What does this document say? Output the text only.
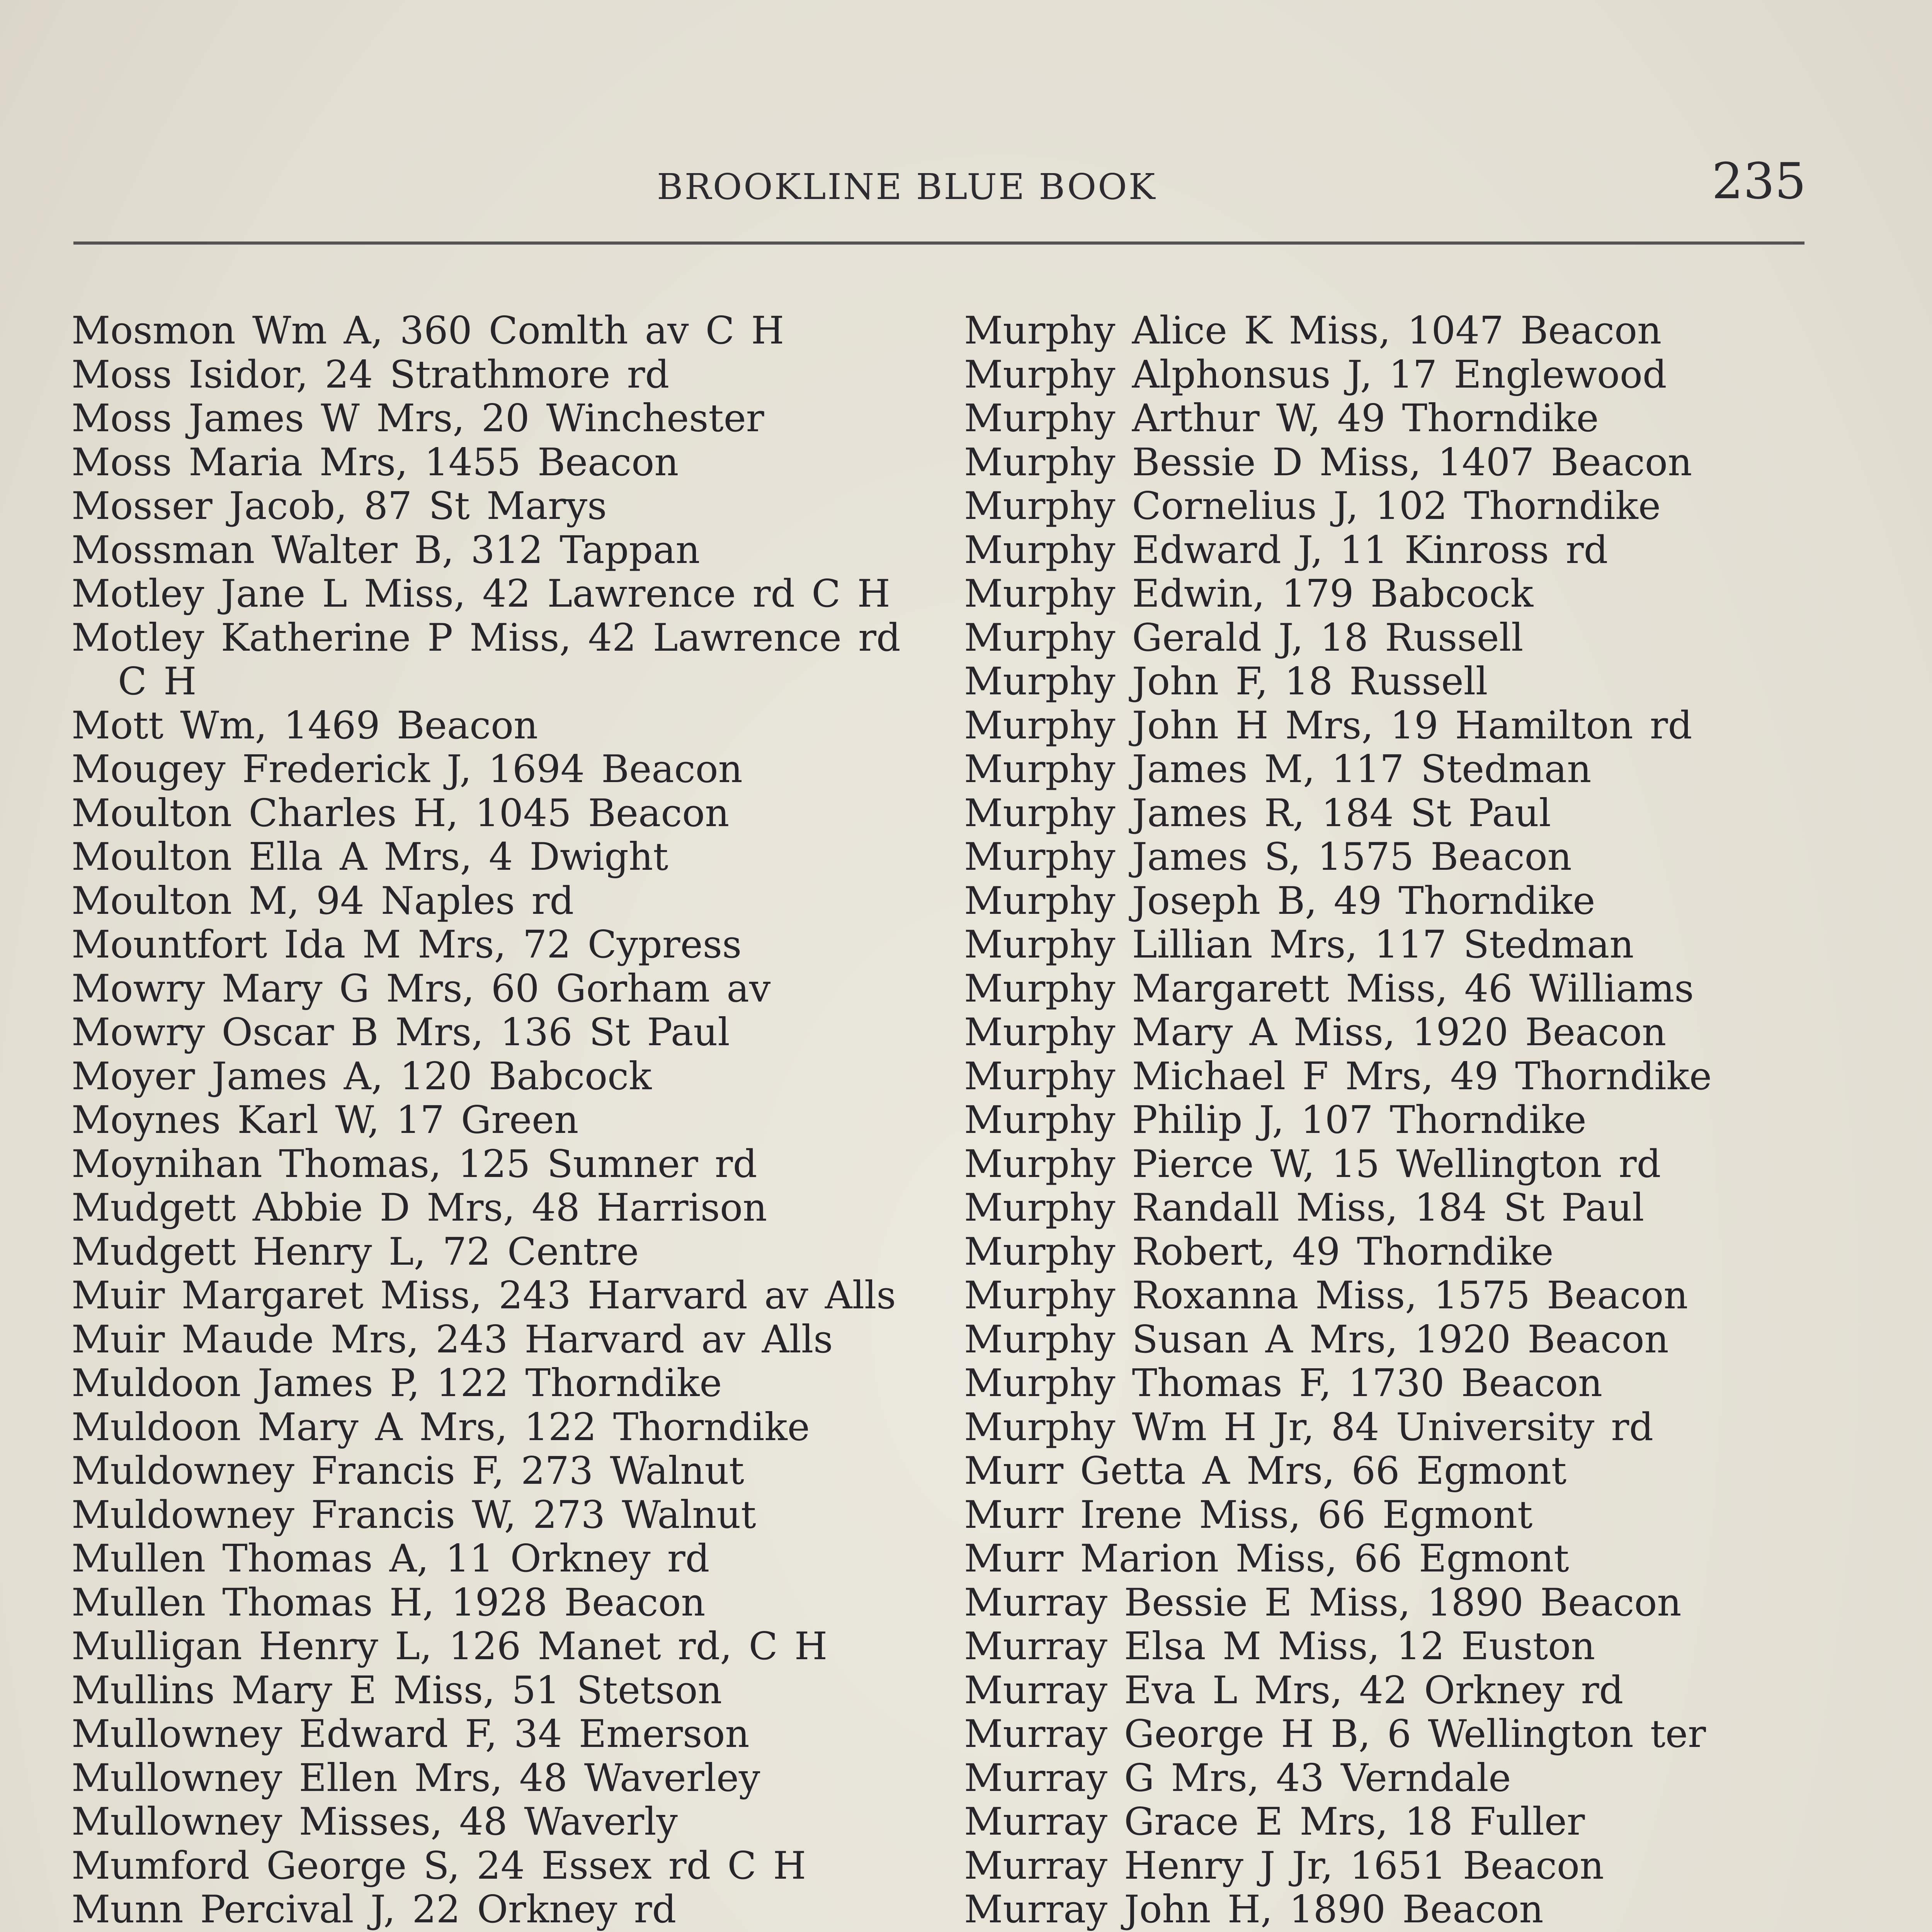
BROOKLINE BLUE BOOK	235
Mosmon Wm A, 360 Comlth av C H
Moss Isidor, 24 Strathmore rd
Moss James W Mrs, 20 Winchester
Moss Maria Mrs, 1455 Beacon
Mosser Jacob, 87 St Marys
Mossman Walter B, 312 Tappan
Motley Jane L Miss, 42 Lawrence rd C H
Motley Katherine P Miss, 42 Lawrence rd C H
Mott Wm, 1469 Beacon
Mougey Frederick J, 1694 Beacon
Moulton Charles H, 1045 Beacon
Moulton Ella A Mrs, 4 Dwight
Moulton M, 94 Naples rd
Mountfort Ida M Mrs, 72 Cypress
Mowry Mary G Mrs, 60 Gorham av
Mowry Oscar B Mrs, 136 St Paul
Moyer James A, 120 Babcock
Moynes Karl W, 17 Green
Moynihan Thomas, 125 Sumner rd
Mudgett Abbie D Mrs, 48 Harrison
Mudgett Henry L, 72 Centre
Muir Margaret Miss, 243 Harvard av Alls
Muir Maude Mrs, 243 Harvard av Alls
Muldoon James P, 122 Thorndike
Muldoon Mary A Mrs, 122 Thorndike
Muldowney Francis F, 273 Walnut
Muldowney Francis W, 273 Walnut
Mullen Thomas A, 11 Orkney rd
Mullen Thomas H, 1928 Beacon
Mulligan Henry L, 126 Manet rd, C H
Mullins Mary E Miss, 51 Stetson
Mullowney Edward F, 34 Emerson
Mullowney Ellen Mrs, 48 Waverley
Mullowney Misses, 48 Waverly
Mumford George S, 24 Essex rd C H
Munn Percival J, 22 Orkney rd
Murphy Alice K Miss, 1047 Beacon
Murphy Alphonsus J, 17 Englewood
Murphy Arthur W, 49 Thorndike
Murphy Bessie D Miss, 1407 Beacon
Murphy Cornelius J, 102 Thorndike
Murphy Edward J, 11 Kinross rd
Murphy Edwin, 179 Babcock
Murphy Gerald J, 18 Russell
Murphy John F, 18 Russell
Murphy John H Mrs, 19 Hamilton rd
Murphy James M, 117 Stedman
Murphy James R, 184 St Paul
Murphy James S, 1575 Beacon
Murphy Joseph B, 49 Thorndike
Murphy Lillian Mrs, 117 Stedman
Murphy Margarett Miss, 46 Williams
Murphy Mary A Miss, 1920 Beacon
Murphy Michael F Mrs, 49 Thorndike
Murphy Philip J, 107 Thorndike
Murphy Pierce W, 15 Wellington rd
Murphy Randall Miss, 184 St Paul
Murphy Robert, 49 Thorndike
Murphy Roxanna Miss, 1575 Beacon
Murphy Susan A Mrs, 1920 Beacon
Murphy Thomas F, 1730 Beacon
Murphy Wm H Jr, 84 University rd
Murr Getta A Mrs, 66 Egmont
Murr Irene Miss, 66 Egmont
Murr Marion Miss, 66 Egmont
Murray Bessie E Miss, 1890 Beacon
Murray Elsa M Miss, 12 Euston
Murray Eva L Mrs, 42 Orkney rd
Murray George H B, 6 Wellington ter
Murray G Mrs, 43 Verndale
Murray Grace E Mrs, 18 Fuller
Murray Henry J Jr, 1651 Beacon
Murray John H, 1890 Beacon
